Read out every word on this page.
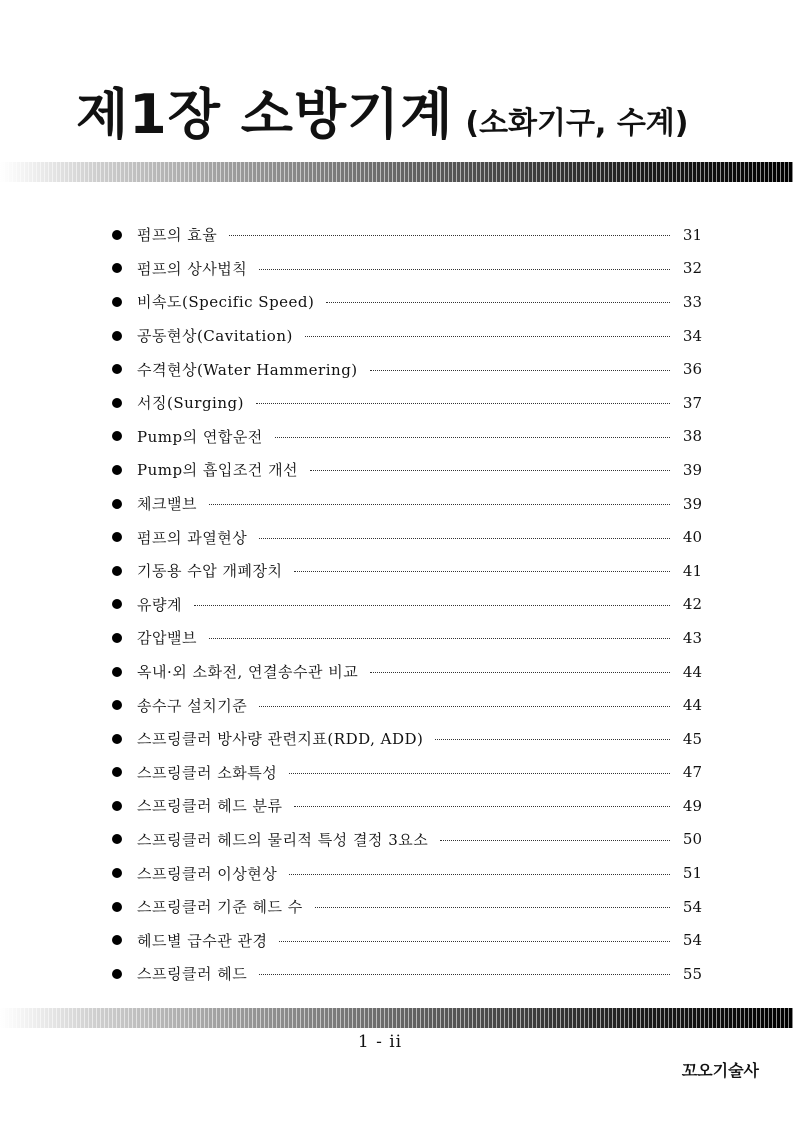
제1장 소방기계 (소화기구, 수계)
펌프의 효율	31
펌프의 상사법칙	32
비속도(Specific Speed)	33
공동현상(Cavitation)	34
수격현상(Water Hammering)	36
서징(Surging)	37
Pump의 연합운전	38
Pump의 흡입조건 개선	39
체크밸브	39
펌프의 과열현상	40
기동용 수압 개폐장치	41
유량계	42
감압밸브	43
옥내·외 소화전, 연결송수관 비교	44
송수구 설치기준	44
스프링클러 방사량 관련지표(RDD, ADD)	45
스프링클러 소화특성	47
스프링클러 헤드 분류	49
스프링클러 헤드의 물리적 특성 결정 3요소	50
스프링클러 이상현상	51
스프링클러 기준 헤드 수	54
헤드별 급수관 관경	54
스프링클러 헤드	55
1 - ii
꼬오기술사
